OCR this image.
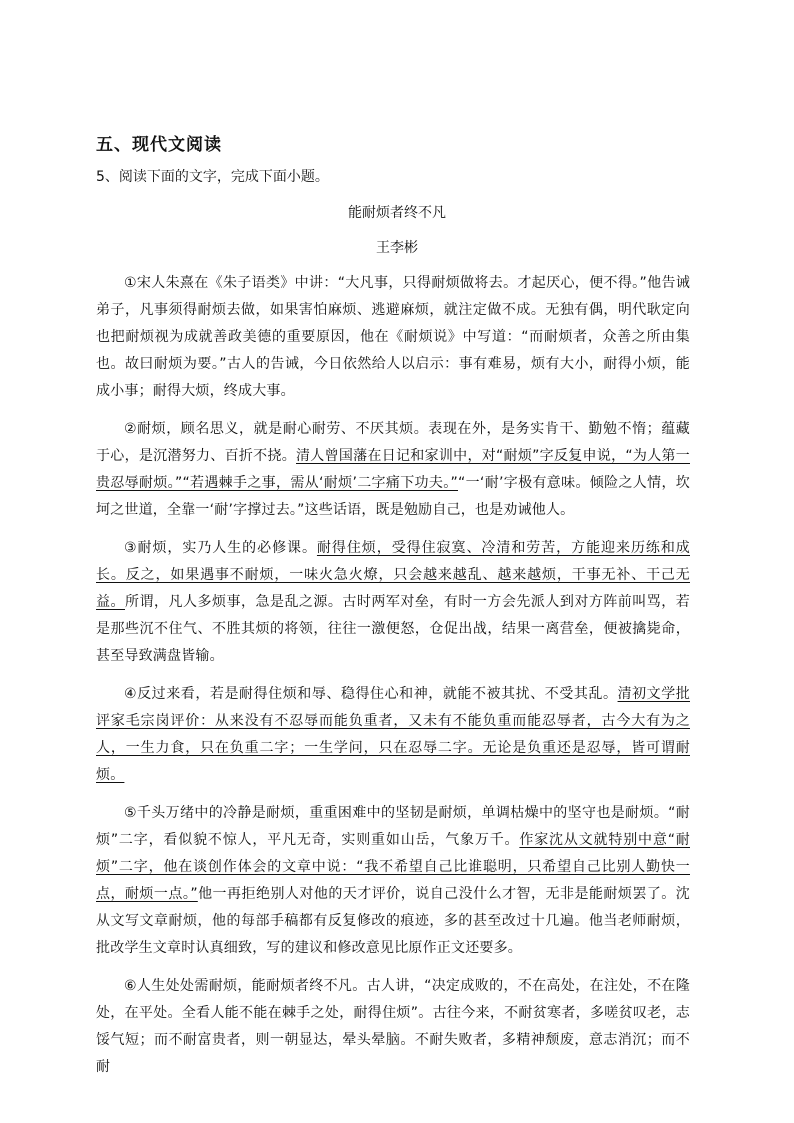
五、现代文阅读
5、阅读下面的文字，完成下面小题。
能耐烦者终不凡
王李彬

①宋人朱熹在《朱子语类》中讲：“大凡事，只得耐烦做将去。才起厌心，便不得。”他告诫弟子，凡事须得耐烦去做，如果害怕麻烦、逃避麻烦，就注定做不成。无独有偶，明代耿定向也把耐烦视为成就善政美德的重要原因，他在《耐烦说》中写道：“而耐烦者，众善之所由集也。故曰耐烦为要。”古人的告诫，今日依然给人以启示：事有难易，烦有大小，耐得小烦，能成小事；耐得大烦，终成大事。

②耐烦，顾名思义，就是耐心耐劳、不厌其烦。表现在外，是务实肯干、勤勉不惰；蕴藏于心，是沉潜努力、百折不挠。清人曾国藩在日记和家训中，对“耐烦”字反复申说，“为人第一贵忍辱耐烦。”“若遇棘手之事，需从‘耐烦’二字痛下功夫。”“一‘耐’字极有意味。倾险之人情，坎坷之世道，全靠一‘耐’字撑过去。”这些话语，既是勉励自己，也是劝诫他人。

③耐烦，实乃人生的必修课。耐得住烦，受得住寂寞、冷清和劳苦，方能迎来历练和成长。反之，如果遇事不耐烦，一味火急火燎，只会越来越乱、越来越烦，干事无补、干己无益。所谓，凡人多烦事，急是乱之源。古时两军对垒，有时一方会先派人到对方阵前叫骂，若是那些沉不住气、不胜其烦的将领，往往一激便怒，仓促出战，结果一离营垒，便被擒毙命，甚至导致满盘皆输。

④反过来看，若是耐得住烦和辱、稳得住心和神，就能不被其扰、不受其乱。清初文学批评家毛宗岗评价：从来没有不忍辱而能负重者，又未有不能负重而能忍辱者，古今大有为之人，一生力食，只在负重二字；一生学问，只在忍辱二字。无论是负重还是忍辱，皆可谓耐烦。

⑤千头万绪中的冷静是耐烦，重重困难中的坚韧是耐烦，单调枯燥中的坚守也是耐烦。“耐烦”二字，看似貌不惊人，平凡无奇，实则重如山岳，气象万千。作家沈从文就特别中意“耐烦”二字，他在谈创作体会的文章中说：“我不希望自己比谁聪明，只希望自己比别人勤快一点，耐烦一点。”他一再拒绝别人对他的天才评价，说自己没什么才智，无非是能耐烦罢了。沈从文写文章耐烦，他的每部手稿都有反复修改的痕迹，多的甚至改过十几遍。他当老师耐烦，批改学生文章时认真细致，写的建议和修改意见比原作正文还要多。

⑥人生处处需耐烦，能耐烦者终不凡。古人讲，“决定成败的，不在高处，在注处，不在隆处，在平处。全看人能不能在棘手之处，耐得住烦”。古往今来，不耐贫寒者，多嗟贫叹老，志馁气短；而不耐富贵者，则一朝显达，晕头晕脑。不耐失败者，多精神颓废，意志消沉；而不耐
